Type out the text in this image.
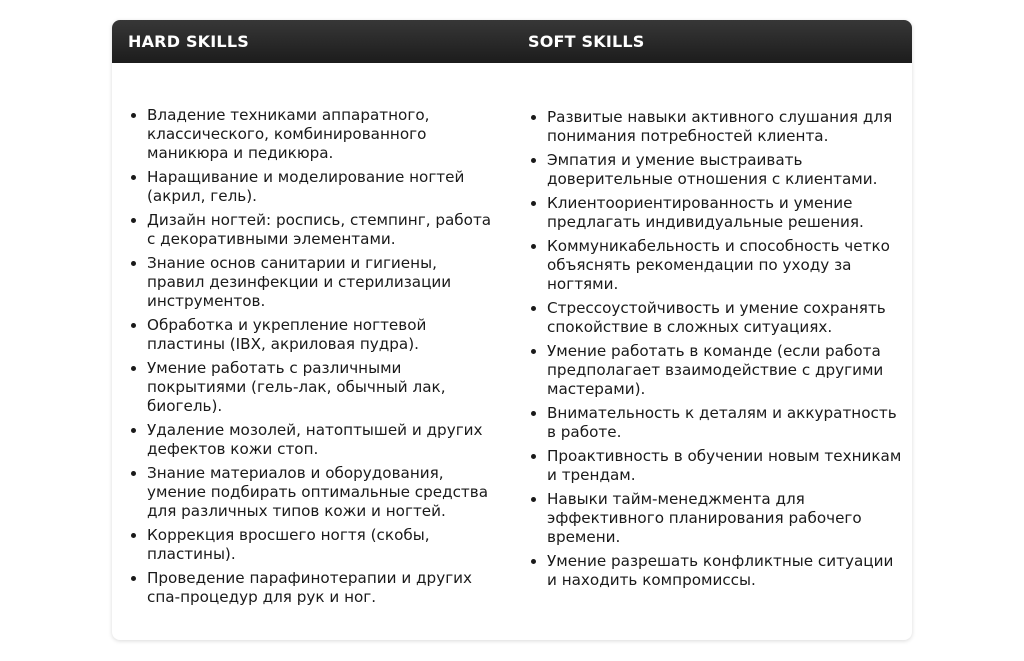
HARD SKILLS	SOFT SKILLS
• Владение техниками аппаратного, классического, комбинированного маникюра и педикюра.
• Наращивание и моделирование ногтей (акрил, гель).
• Дизайн ногтей: роспись, стемпинг, работа с декоративными элементами.
• Знание основ санитарии и гигиены, правил дезинфекции и стерилизации инструментов.
• Обработка и укрепление ногтевой пластины (IBX, акриловая пудра).
• Умение работать с различными покрытиями (гель-лак, обычный лак, биогель).
• Удаление мозолей, натоптышей и других дефектов кожи стоп.
• Знание материалов и оборудования, умение подбирать оптимальные средства для различных типов кожи и ногтей.
• Коррекция вросшего ногтя (скобы, пластины).
• Проведение парафинотерапии и других спа-процедур для рук и ног.
• Развитые навыки активного слушания для понимания потребностей клиента.
• Эмпатия и умение выстраивать доверительные отношения с клиентами.
• Клиентоориентированность и умение предлагать индивидуальные решения.
• Коммуникабельность и способность четко объяснять рекомендации по уходу за ногтями.
• Стрессоустойчивость и умение сохранять спокойствие в сложных ситуациях.
• Умение работать в команде (если работа предполагает взаимодействие с другими мастерами).
• Внимательность к деталям и аккуратность в работе.
• Проактивность в обучении новым техникам и трендам.
• Навыки тайм-менеджмента для эффективного планирования рабочего времени.
• Умение разрешать конфликтные ситуации и находить компромиссы.
